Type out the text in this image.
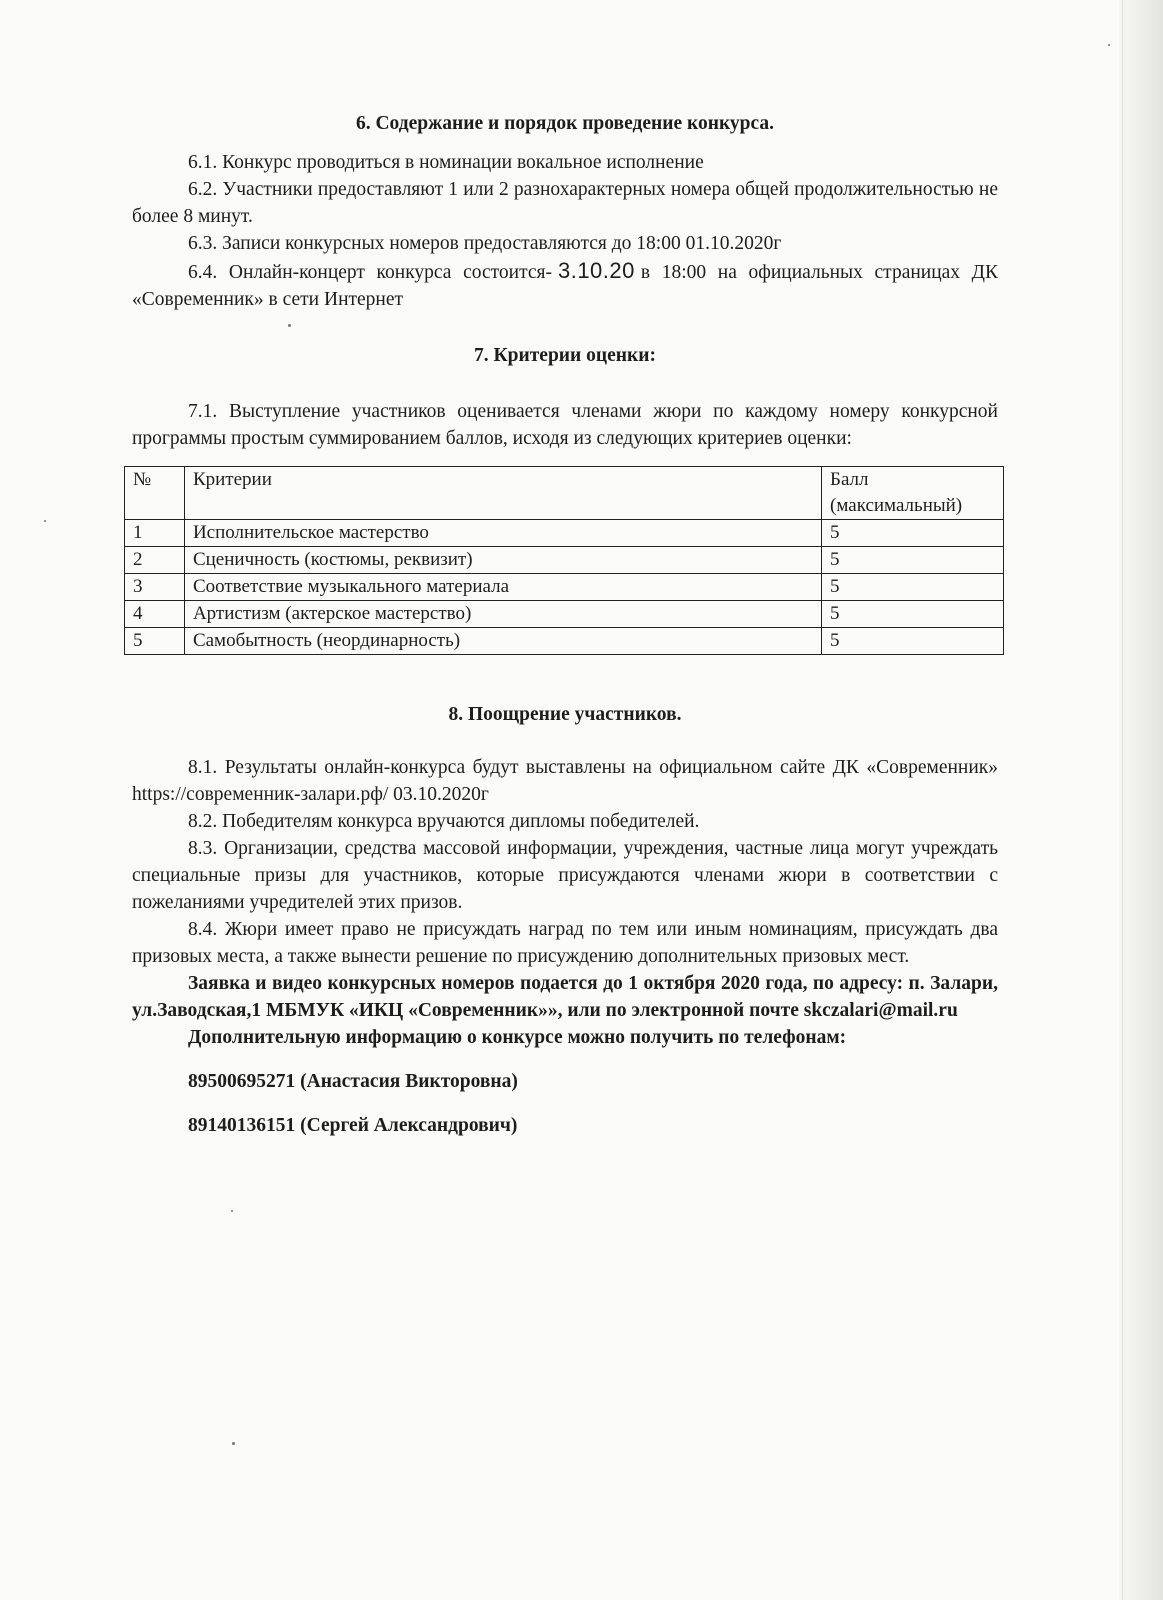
6. Содержание и порядок проведение конкурса.

6.1. Конкурс проводиться в номинации вокальное исполнение

6.2. Участники предоставляют 1 или 2 разнохарактерных номера общей продолжительностью не более 8 минут.

6.3. Записи конкурсных номеров предоставляются до 18:00 01.10.2020г

6.4. Онлайн-концерт конкурса состоится- 3.10.20 в 18:00 на официальных страницах ДК «Современник» в сети Интернет

7. Критерии оценки:

7.1. Выступление участников оценивается членами жюри по каждому номеру конкурсной программы простым суммированием баллов, исходя из следующих критериев оценки:

№	Критерии	Балл (максимальный)
1	Исполнительское мастерство	5
2	Сценичность (костюмы, реквизит)	5
3	Соответствие музыкального материала	5
4	Артистизм (актерское мастерство)	5
5	Самобытность (неординарность)	5
8. Поощрение участников.

8.1. Результаты онлайн-конкурса будут выставлены на официальном сайте ДК «Современник» https://современник-залари.рф/ 03.10.2020г

8.2. Победителям конкурса вручаются дипломы победителей.

8.3. Организации, средства массовой информации, учреждения, частные лица могут учреждать специальные призы для участников, которые присуждаются членами жюри в соответствии с пожеланиями учредителей этих призов.

8.4. Жюри имеет право не присуждать наград по тем или иным номинациям, присуждать два призовых места, а также вынести решение по присуждению дополнительных призовых мест.

Заявка и видео конкурсных номеров подается до 1 октября 2020 года, по адресу: п. Залари, ул.Заводская,1 МБМУК «ИКЦ «Современник»», или по электронной почте skczalari@mail.ru

Дополнительную информацию о конкурсе можно получить по телефонам:

89500695271 (Анастасия Викторовна)

89140136151 (Сергей Александрович)
